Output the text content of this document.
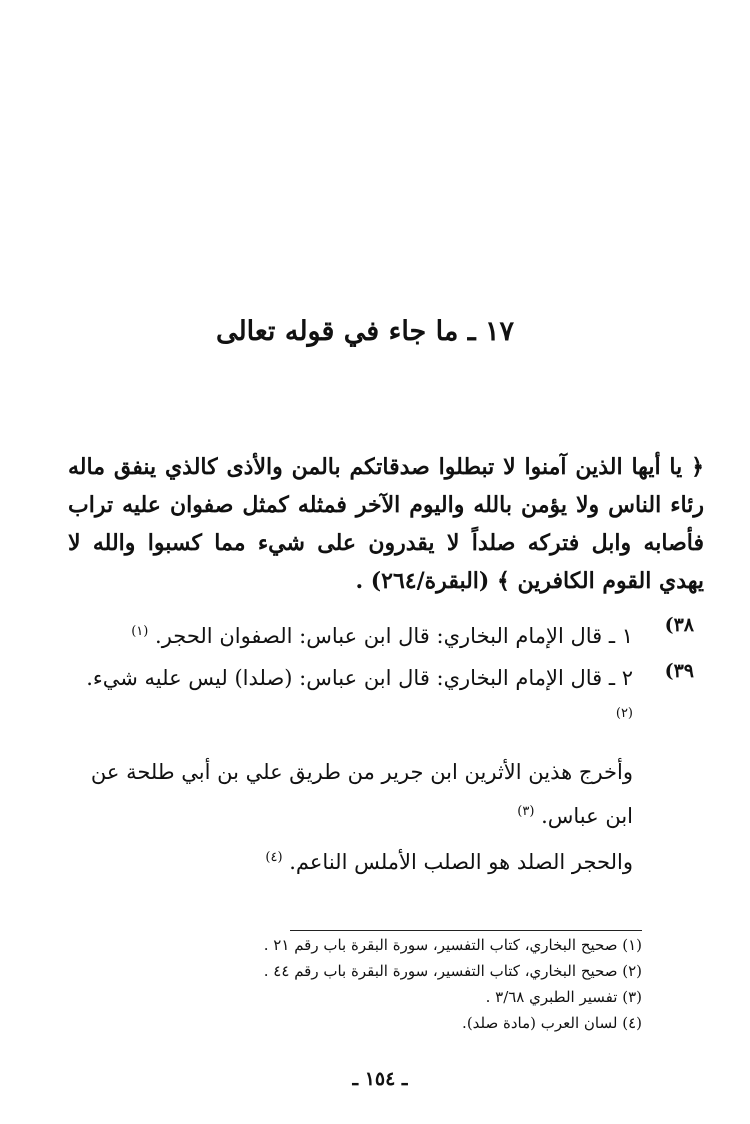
١٧ ـ ما جاء في قوله تعالى
﴿ يا أيها الذين آمنوا لا تبطلوا صدقاتكم بالمن والأذى كالذي ينفق ماله رئاء الناس ولا يؤمن بالله واليوم الآخر فمثله كمثل صفوان عليه تراب فأصابه وابل فتركه صلداً لا يقدرون على شيء مما كسبوا والله لا يهدي القوم الكافرين ﴾ (البقرة/٢٦٤) .
(٣٨
١ ـ قال الإمام البخاري: قال ابن عباس: الصفوان الحجر. $^{(١)}$
(٣٩
٢ ـ قال الإمام البخاري: قال ابن عباس: (صلدا) ليس عليه شيء. $^{(٢)}$
وأخرج هذين الأثرين ابن جرير من طريق علي بن أبي طلحة عن ابن عباس. $^{(٣)}$
والحجر الصلد هو الصلب الأملس الناعم. $^{(٤)}$
(١) صحيح البخاري، كتاب التفسير، سورة البقرة باب رقم ٢١ .
(٢) صحيح البخاري، كتاب التفسير، سورة البقرة باب رقم ٤٤ .
(٣) تفسير الطبري ٣/٦٨ .
(٤) لسان العرب (مادة صلد).
ـ ١٥٤ ـ
